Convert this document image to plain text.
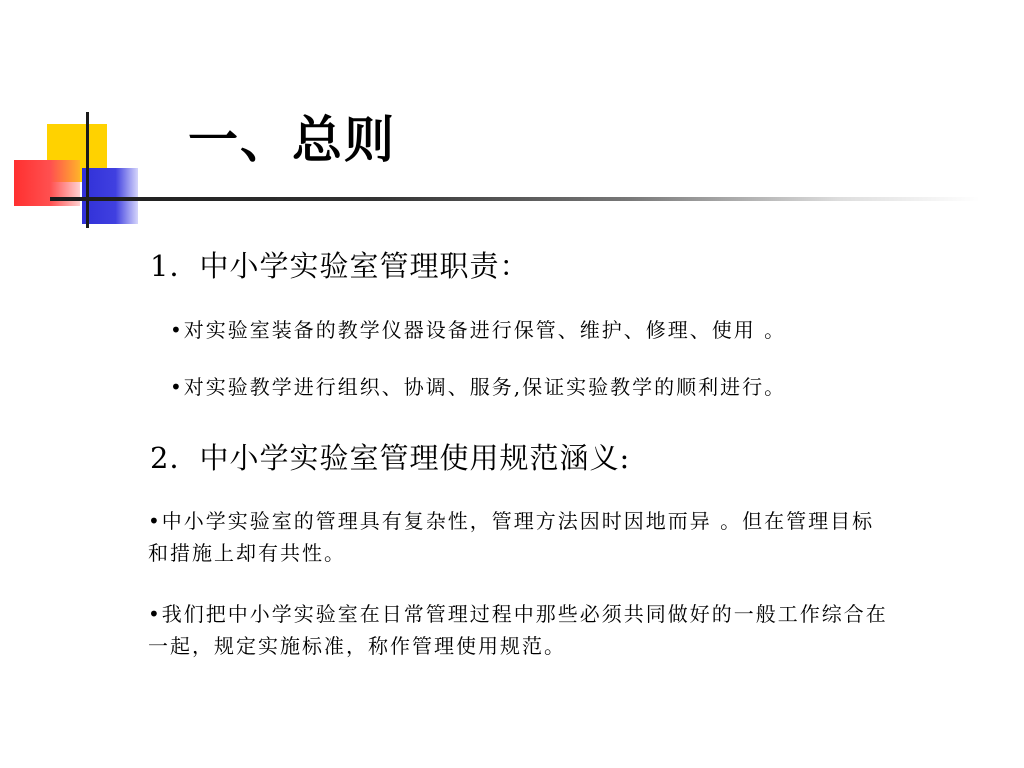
一、总则
1．中小学实验室管理职责：
•对实验室装备的教学仪器设备进行保管、维护、修理、使用 。
•对实验教学进行组织、协调、服务,保证实验教学的顺利进行。
2．中小学实验室管理使用规范涵义:
•中小学实验室的管理具有复杂性，管理方法因时因地而异 。但在管理目标和措施上却有共性。
•我们把中小学实验室在日常管理过程中那些必须共同做好的一般工作综合在一起，规定实施标准，称作管理使用规范。
